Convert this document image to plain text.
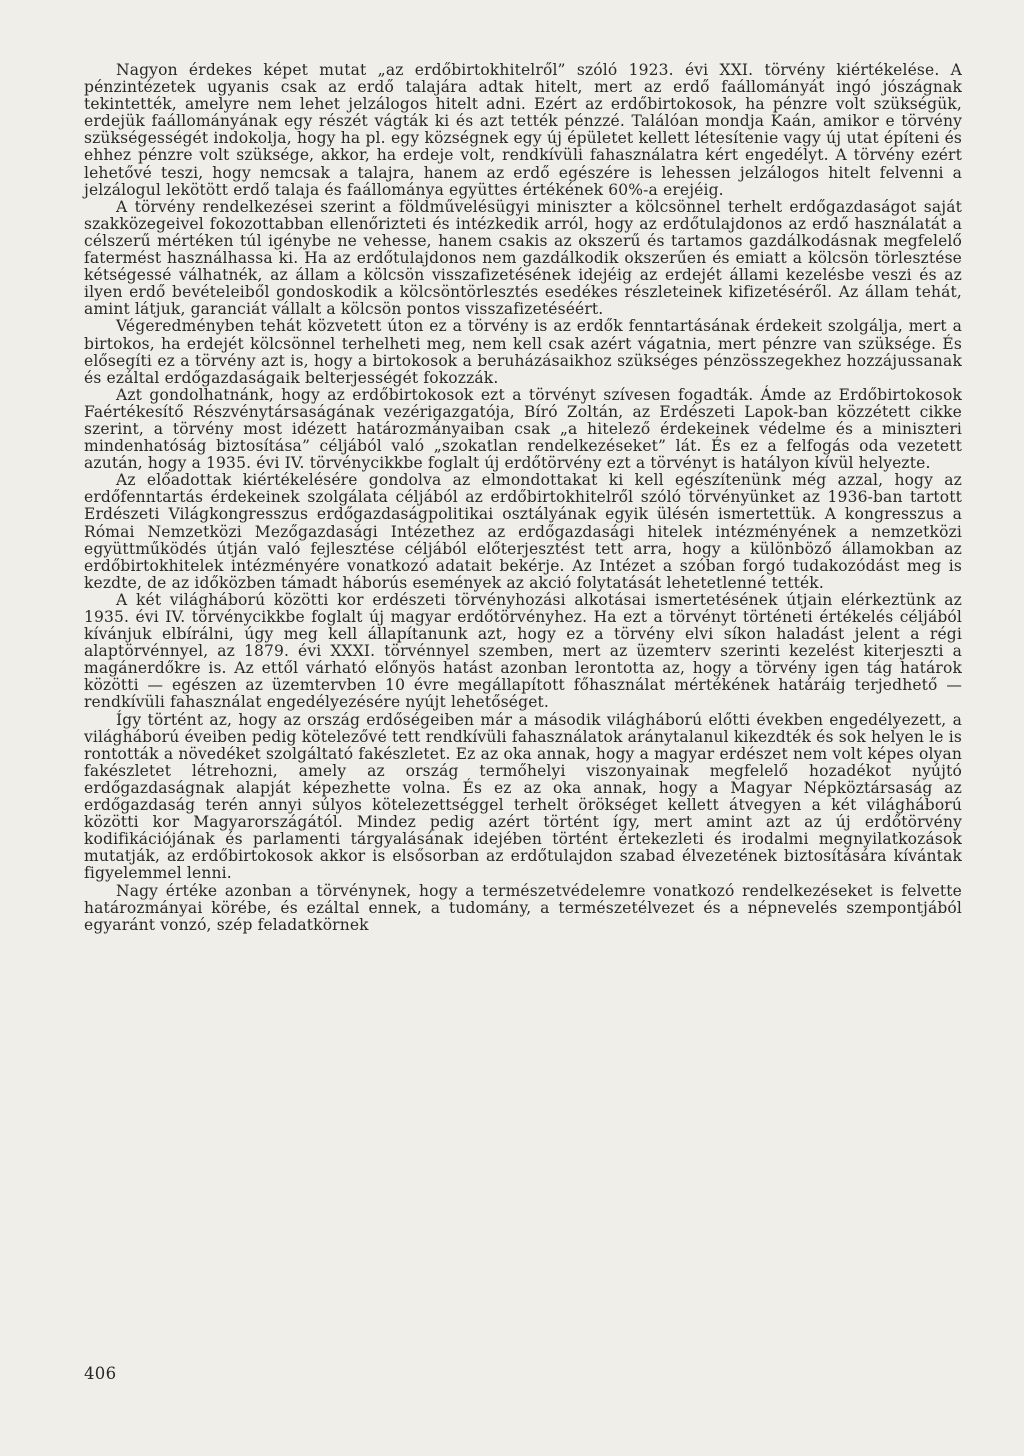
Nagyon érdekes képet mutat „az erdőbirtokhitelről” szóló 1923. évi XXI. törvény kiértékelése. A pénzintézetek ugyanis csak az erdő talajára adtak hitelt, mert az erdő faállományát ingó jószágnak tekintették, amelyre nem lehet jelzálogos hitelt adni. Ezért az erdőbirtokosok, ha pénzre volt szükségük, erdejük faállományának egy részét vágták ki és azt tették pénzzé. Találóan mondja Kaán, amikor e törvény szükségességét indokolja, hogy ha pl. egy községnek egy új épületet kellett létesítenie vagy új utat építeni és ehhez pénzre volt szüksége, akkor, ha erdeje volt, rendkívüli fahasználatra kért engedélyt. A törvény ezért lehetővé teszi, hogy nemcsak a talajra, hanem az erdő egészére is lehessen jelzálogos hitelt felvenni a jelzálogul lekötött erdő talaja és faállománya együttes értékének 60%-a erejéig.

A törvény rendelkezései szerint a földművelésügyi miniszter a kölcsönnel terhelt erdőgazdaságot saját szakközegeivel fokozottabban ellenőrizteti és intézkedik arról, hogy az erdőtulajdonos az erdő használatát a célszerű mértéken túl igénybe ne vehesse, hanem csakis az okszerű és tartamos gazdálkodásnak megfelelő fatermést használhassa ki. Ha az erdőtulajdonos nem gazdálkodik okszerűen és emiatt a kölcsön törlesztése kétségessé válhatnék, az állam a kölcsön visszafizetésének idejéig az erdejét állami kezelésbe veszi és az ilyen erdő bevételeiből gondoskodik a kölcsöntörlesztés esedékes részleteinek kifizetéséről. Az állam tehát, amint látjuk, garanciát vállalt a kölcsön pontos visszafizetéséért.

Végeredményben tehát közvetett úton ez a törvény is az erdők fenntartásának érdekeit szolgálja, mert a birtokos, ha erdejét kölcsönnel terhelheti meg, nem kell csak azért vágatnia, mert pénzre van szüksége. És elősegíti ez a törvény azt is, hogy a birtokosok a beruházásaikhoz szükséges pénzösszegekhez hozzájussanak és ezáltal erdőgazdaságaik belterjességét fokozzák.

Azt gondolhatnánk, hogy az erdőbirtokosok ezt a törvényt szívesen fogadták. Ámde az Erdőbirtokosok Faértékesítő Részvénytársaságának vezérigazgatója, Bíró Zoltán, az Erdészeti Lapok-ban közzétett cikke szerint, a törvény most idézett határozmányaiban csak „a hitelező érdekeinek védelme és a miniszteri mindenhatóság biztosítása” céljából való „szokatlan rendelkezéseket” lát. És ez a felfogás oda vezetett azután, hogy a 1935. évi IV. törvénycikkbe foglalt új erdőtörvény ezt a törvényt is hatályon kívül helyezte.

Az előadottak kiértékelésére gondolva az elmondottakat ki kell egészítenünk még azzal, hogy az erdőfenntartás érdekeinek szolgálata céljából az erdőbirtokhitelről szóló törvényünket az 1936-ban tartott Erdészeti Világkongresszus erdőgazdaságpolitikai osztályának egyik ülésén ismertettük. A kongresszus a Római Nemzetközi Mezőgazdasági Intézethez az erdőgazdasági hitelek intézményének a nemzetközi együttműködés útján való fejlesztése céljából előterjesztést tett arra, hogy a különböző államokban az erdőbirtokhitelek intézményére vonatkozó adatait bekérje. Az Intézet a szóban forgó tudakozódást meg is kezdte, de az időközben támadt háborús események az akció folytatását lehetetlenné tették.

A két világháború közötti kor erdészeti törvényhozási alkotásai ismertetésének útjain elérkeztünk az 1935. évi IV. törvénycikkbe foglalt új magyar erdőtörvényhez. Ha ezt a törvényt történeti értékelés céljából kívánjuk elbírálni, úgy meg kell állapítanunk azt, hogy ez a törvény elvi síkon haladást jelent a régi alaptörvénnyel, az 1879. évi XXXI. törvénnyel szemben, mert az üzemterv szerinti kezelést kiterjeszti a magánerdőkre is. Az ettől várható előnyös hatást azonban lerontotta az, hogy a törvény igen tág határok közötti — egészen az üzemtervben 10 évre megállapított főhasználat mértékének határáig terjedhető — rendkívüli fahasználat engedélyezésére nyújt lehetőséget.

Így történt az, hogy az ország erdőségeiben már a második világháború előtti években engedélyezett, a világháború éveiben pedig kötelezővé tett rendkívüli fahasználatok aránytalanul kikezdték és sok helyen le is rontották a növedéket szolgáltató fakészletet. Ez az oka annak, hogy a magyar erdészet nem volt képes olyan fakészletet létrehozni, amely az ország termőhelyi viszonyainak megfelelő hozadékot nyújtó erdőgazdaságnak alapját képezhette volna. És ez az oka annak, hogy a Magyar Népköztársaság az erdőgazdaság terén annyi súlyos kötelezettséggel terhelt örökséget kellett átvegyen a két világháború közötti kor Magyarországától. Mindez pedig azért történt így, mert amint azt az új erdőtörvény kodifikációjának és parlamenti tárgyalásának idejében történt értekezleti és irodalmi megnyilatkozások mutatják, az erdőbirtokosok akkor is elsősorban az erdőtulajdon szabad élvezetének biztosítására kívántak figyelemmel lenni.

Nagy értéke azonban a törvénynek, hogy a természetvédelemre vonatkozó rendelkezéseket is felvette határozmányai körébe, és ezáltal ennek, a tudomány, a természetélvezet és a népnevelés szempontjából egyaránt vonzó, szép feladatkörnek

406
